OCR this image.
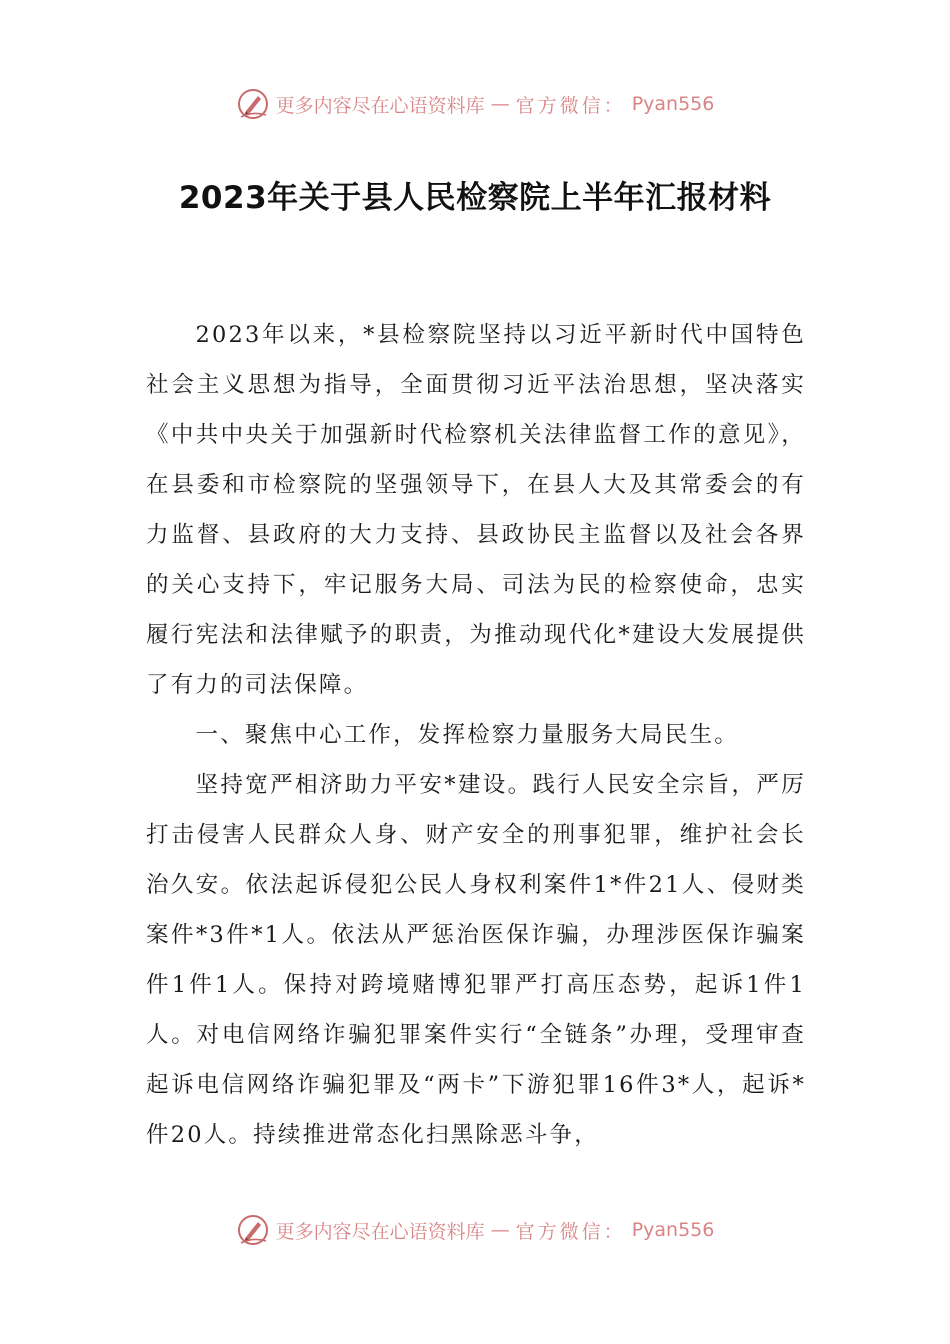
更多内容尽在心语资料库 — 官方微信： Pyan556
2023年关于县人民检察院上半年汇报材料

2023年以来，*县检察院坚持以习近平新时代中国特色社会主义思想为指导，全面贯彻习近平法治思想，坚决落实《中共中央关于加强新时代检察机关法律监督工作的意见》，在县委和市检察院的坚强领导下，在县人大及其常委会的有力监督、县政府的大力支持、县政协民主监督以及社会各界的关心支持下，牢记服务大局、司法为民的检察使命，忠实履行宪法和法律赋予的职责，为推动现代化*建设大发展提供了有力的司法保障。

一、聚焦中心工作，发挥检察力量服务大局民生。

坚持宽严相济助力平安*建设。践行人民安全宗旨，严厉打击侵害人民群众人身、财产安全的刑事犯罪，维护社会长治久安。依法起诉侵犯公民人身权利案件1*件21人、侵财类案件*3件*1人。依法从严惩治医保诈骗，办理涉医保诈骗案件1件1人。保持对跨境赌博犯罪严打高压态势，起诉1件1人。对电信网络诈骗犯罪案件实行“全链条”办理，受理审查起诉电信网络诈骗犯罪及“两卡”下游犯罪16件3*人，起诉*件20人。持续推进常态化扫黑除恶斗争，

更多内容尽在心语资料库 — 官方微信： Pyan556
